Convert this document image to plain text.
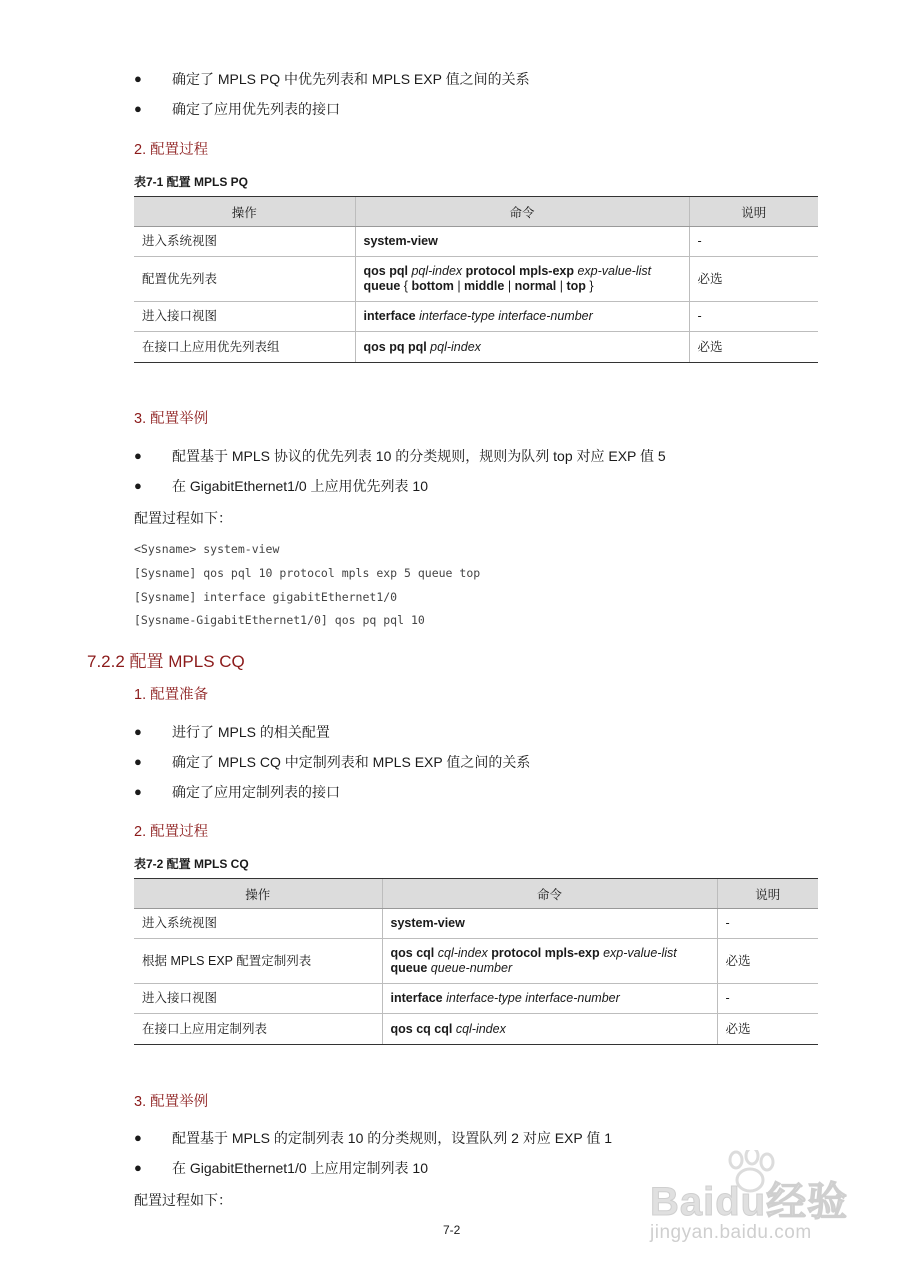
● 确定了 MPLS PQ 中优先列表和 MPLS EXP 值之间的关系
● 确定了应用优先列表的接口
2. 配置过程
表7-1 配置 MPLS PQ
操作	命令	说明
进入系统视图	system-view	-
配置优先列表	qos pql pql-index protocol mpls-exp exp-value-list
queue { bottom | middle | normal | top }	必选
进入接口视图	interface interface-type interface-number	-
在接口上应用优先列表组	qos pq pql pql-index	必选
3. 配置举例
● 配置基于 MPLS 协议的优先列表 10 的分类规则，规则为队列 top 对应 EXP 值 5
● 在 GigabitEthernet1/0 上应用优先列表 10
配置过程如下：
<Sysname> system-view
[Sysname] qos pql 10 protocol mpls exp 5 queue top
[Sysname] interface gigabitEthernet1/0
[Sysname-GigabitEthernet1/0] qos pq pql 10
7.2.2 配置 MPLS CQ
1. 配置准备
● 进行了 MPLS 的相关配置
● 确定了 MPLS CQ 中定制列表和 MPLS EXP 值之间的关系
● 确定了应用定制列表的接口
2. 配置过程
表7-2 配置 MPLS CQ
操作	命令	说明
进入系统视图	system-view	-
根据 MPLS EXP 配置定制列表	qos cql cql-index protocol mpls-exp exp-value-list
queue queue-number	必选
进入接口视图	interface interface-type interface-number	-
在接口上应用定制列表	qos cq cql cql-index	必选
3. 配置举例
● 配置基于 MPLS 的定制列表 10 的分类规则，设置队列 2 对应 EXP 值 1
● 在 GigabitEthernet1/0 上应用定制列表 10
配置过程如下：
7-2
Baidu经验
jingyan.baidu.com
